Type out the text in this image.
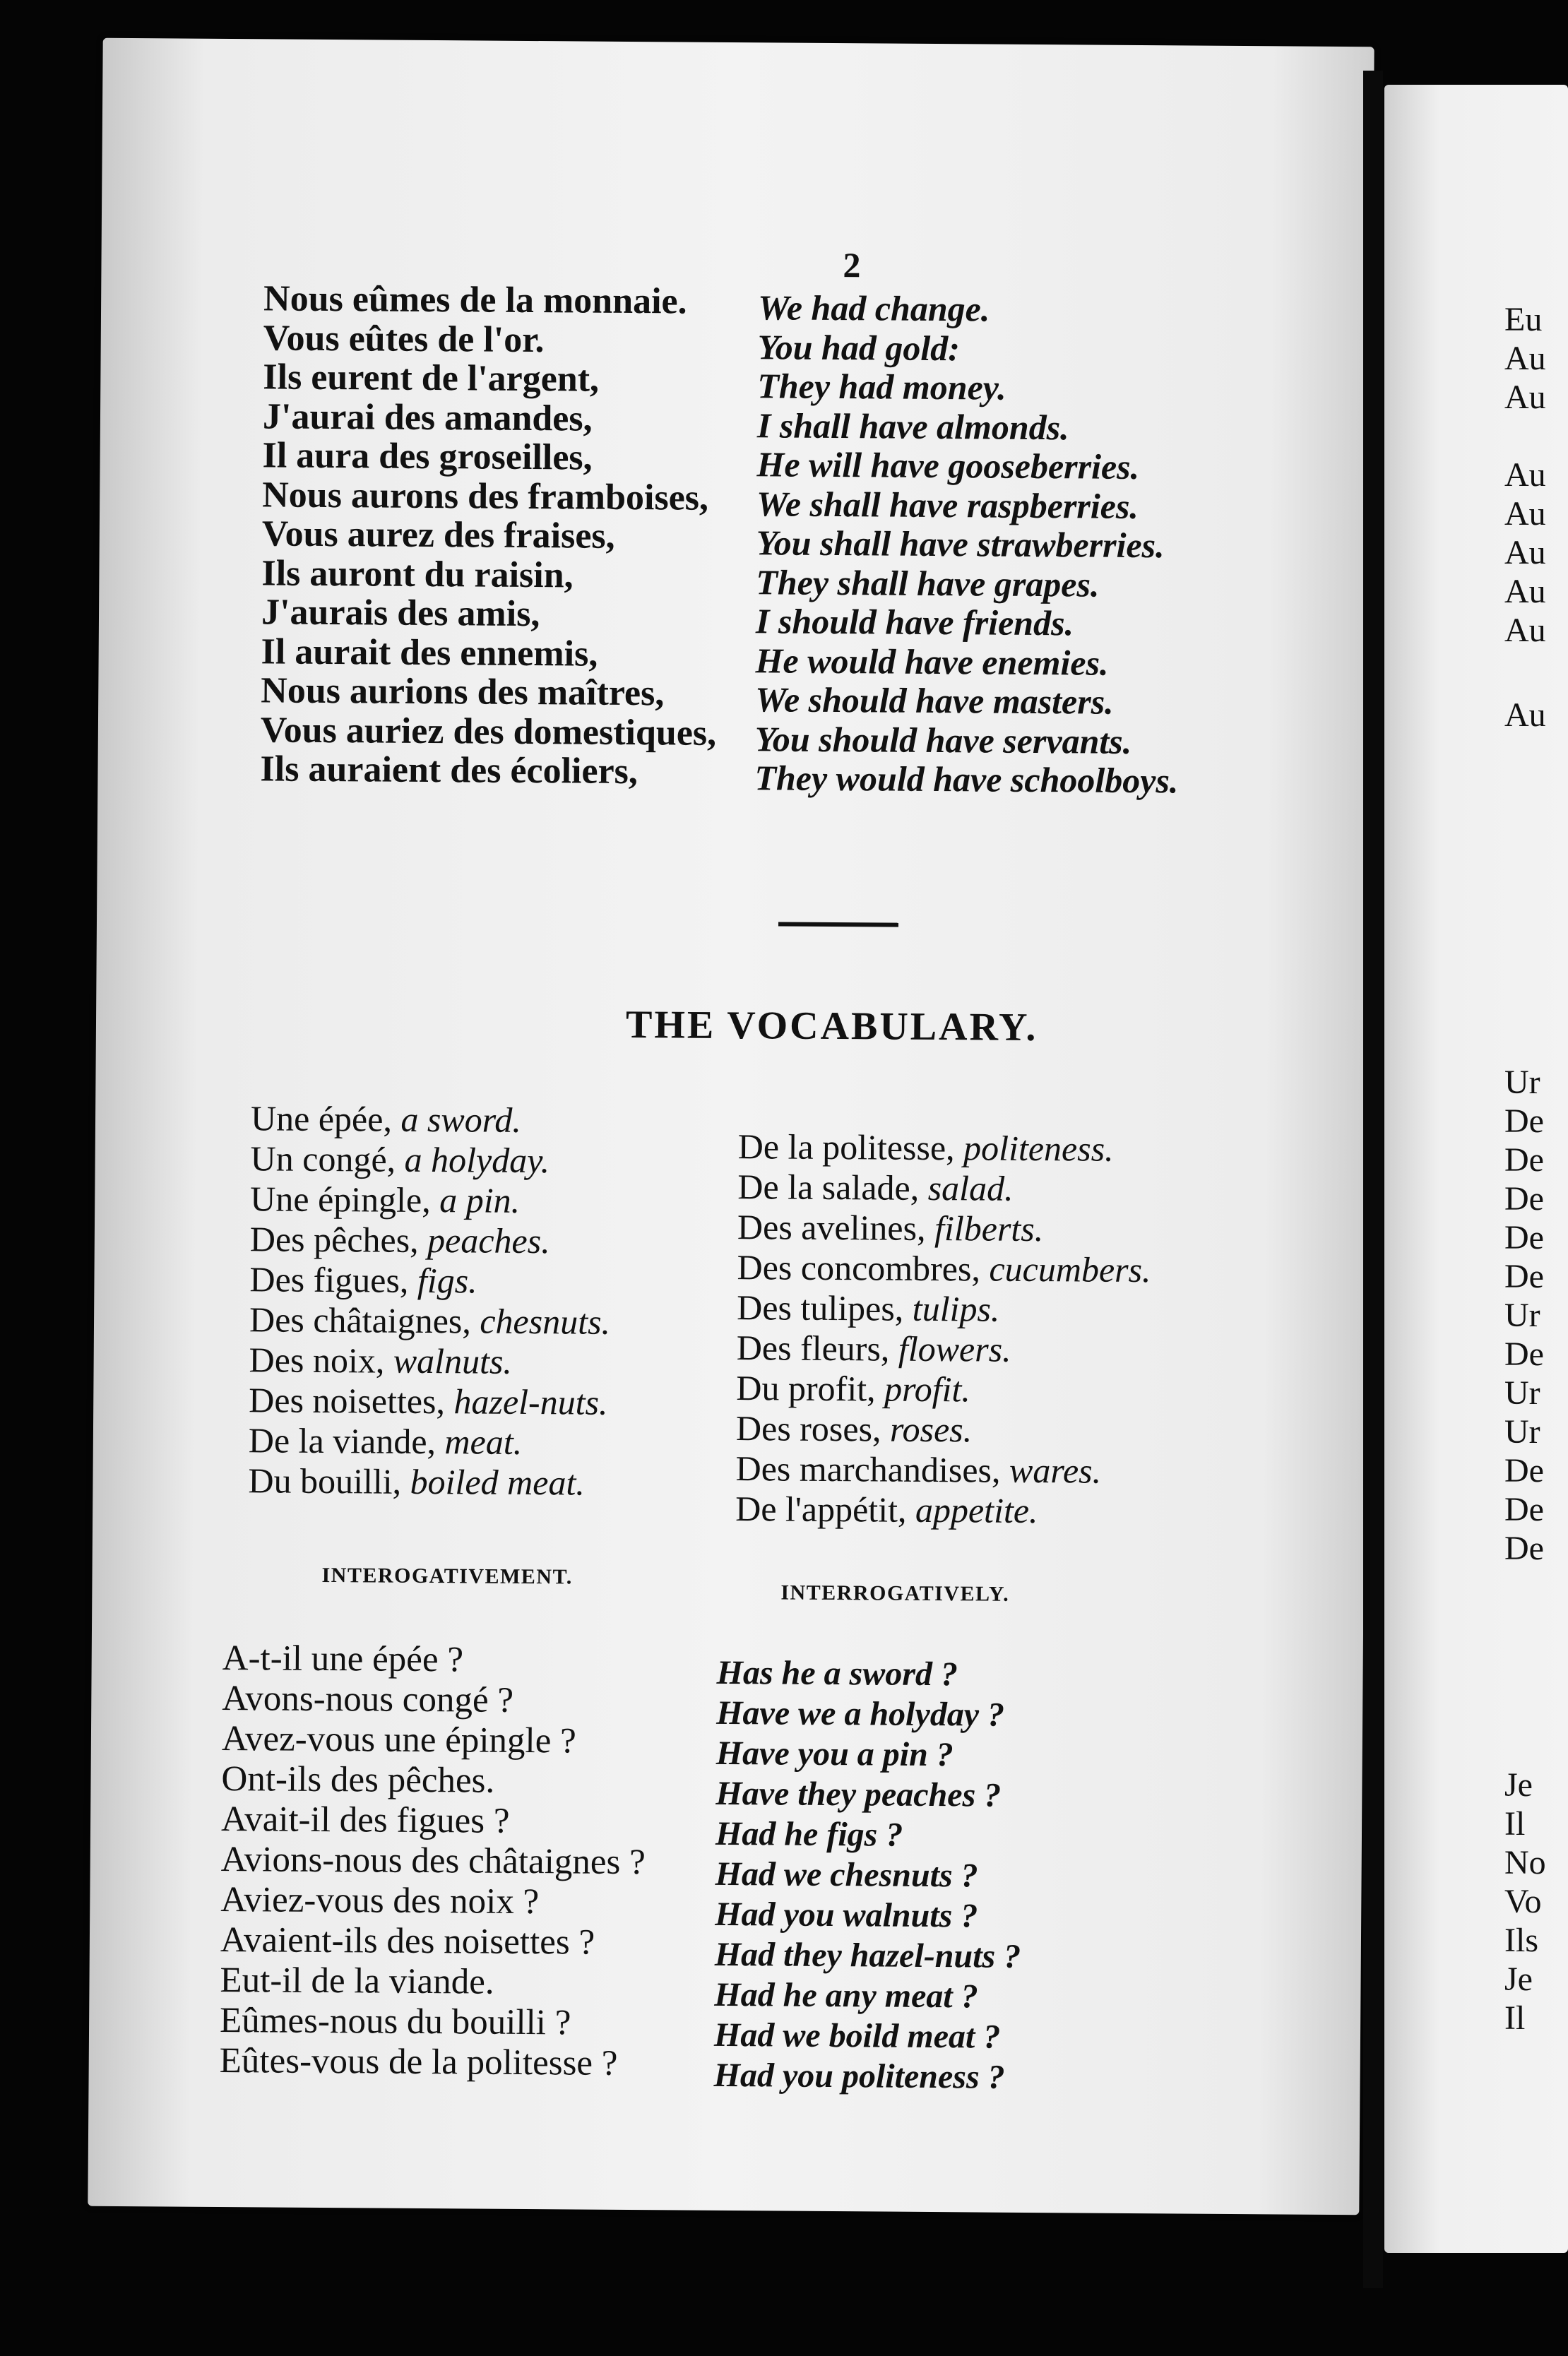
2
Nous eûmes de la monnaie.
Vous eûtes de l'or.
Ils eurent de l'argent,
J'aurai des amandes,
Il aura des groseilles,
Nous aurons des framboises,
Vous aurez des fraises,
Ils auront du raisin,
J'aurais des amis,
Il aurait des ennemis,
Nous aurions des maîtres,
Vous auriez des domestiques,
Ils auraient des écoliers,
We had change.
You had gold:
They had money.
I shall have almonds.
He will have gooseberries.
We shall have raspberries.
You shall have strawberries.
They shall have grapes.
I should have friends.
He would have enemies.
We should have masters.
You should have servants.
They would have schoolboys.
THE VOCABULARY.
Une épée, a sword.
Un congé, a holyday.
Une épingle, a pin.
Des pêches, peaches.
Des figues, figs.
Des châtaignes, chesnuts.
Des noix, walnuts.
Des noisettes, hazel-nuts.
De la viande, meat.
Du bouilli, boiled meat.
De la politesse, politeness.
De la salade, salad.
Des avelines, filberts.
Des concombres, cucumbers.
Des tulipes, tulips.
Des fleurs, flowers.
Du profit, profit.
Des roses, roses.
Des marchandises, wares.
De l'appétit, appetite.
INTEROGATIVEMENT.
INTERROGATIVELY.
A-t-il une épée ?
Avons-nous congé ?
Avez-vous une épingle ?
Ont-ils des pêches.
Avait-il des figues ?
Avions-nous des châtaignes ?
Aviez-vous des noix ?
Avaient-ils des noisettes ?
Eut-il de la viande.
Eûmes-nous du bouilli ?
Eûtes-vous de la politesse ?
Has he a sword ?
Have we a holyday ?
Have you a pin ?
Have they peaches ?
Had he figs ?
Had we chesnuts ?
Had you walnuts ?
Had they hazel-nuts ?
Had he any meat ?
Had we boild meat ?
Had you politeness ?
Eu
Au
Au
Au
Au
Au
Au
Au
Au
Ur
De
De
De
De
De
Ur
De
Ur
Ur
De
De
De
Je
Il
No
Vo
Ils
Je
Il
